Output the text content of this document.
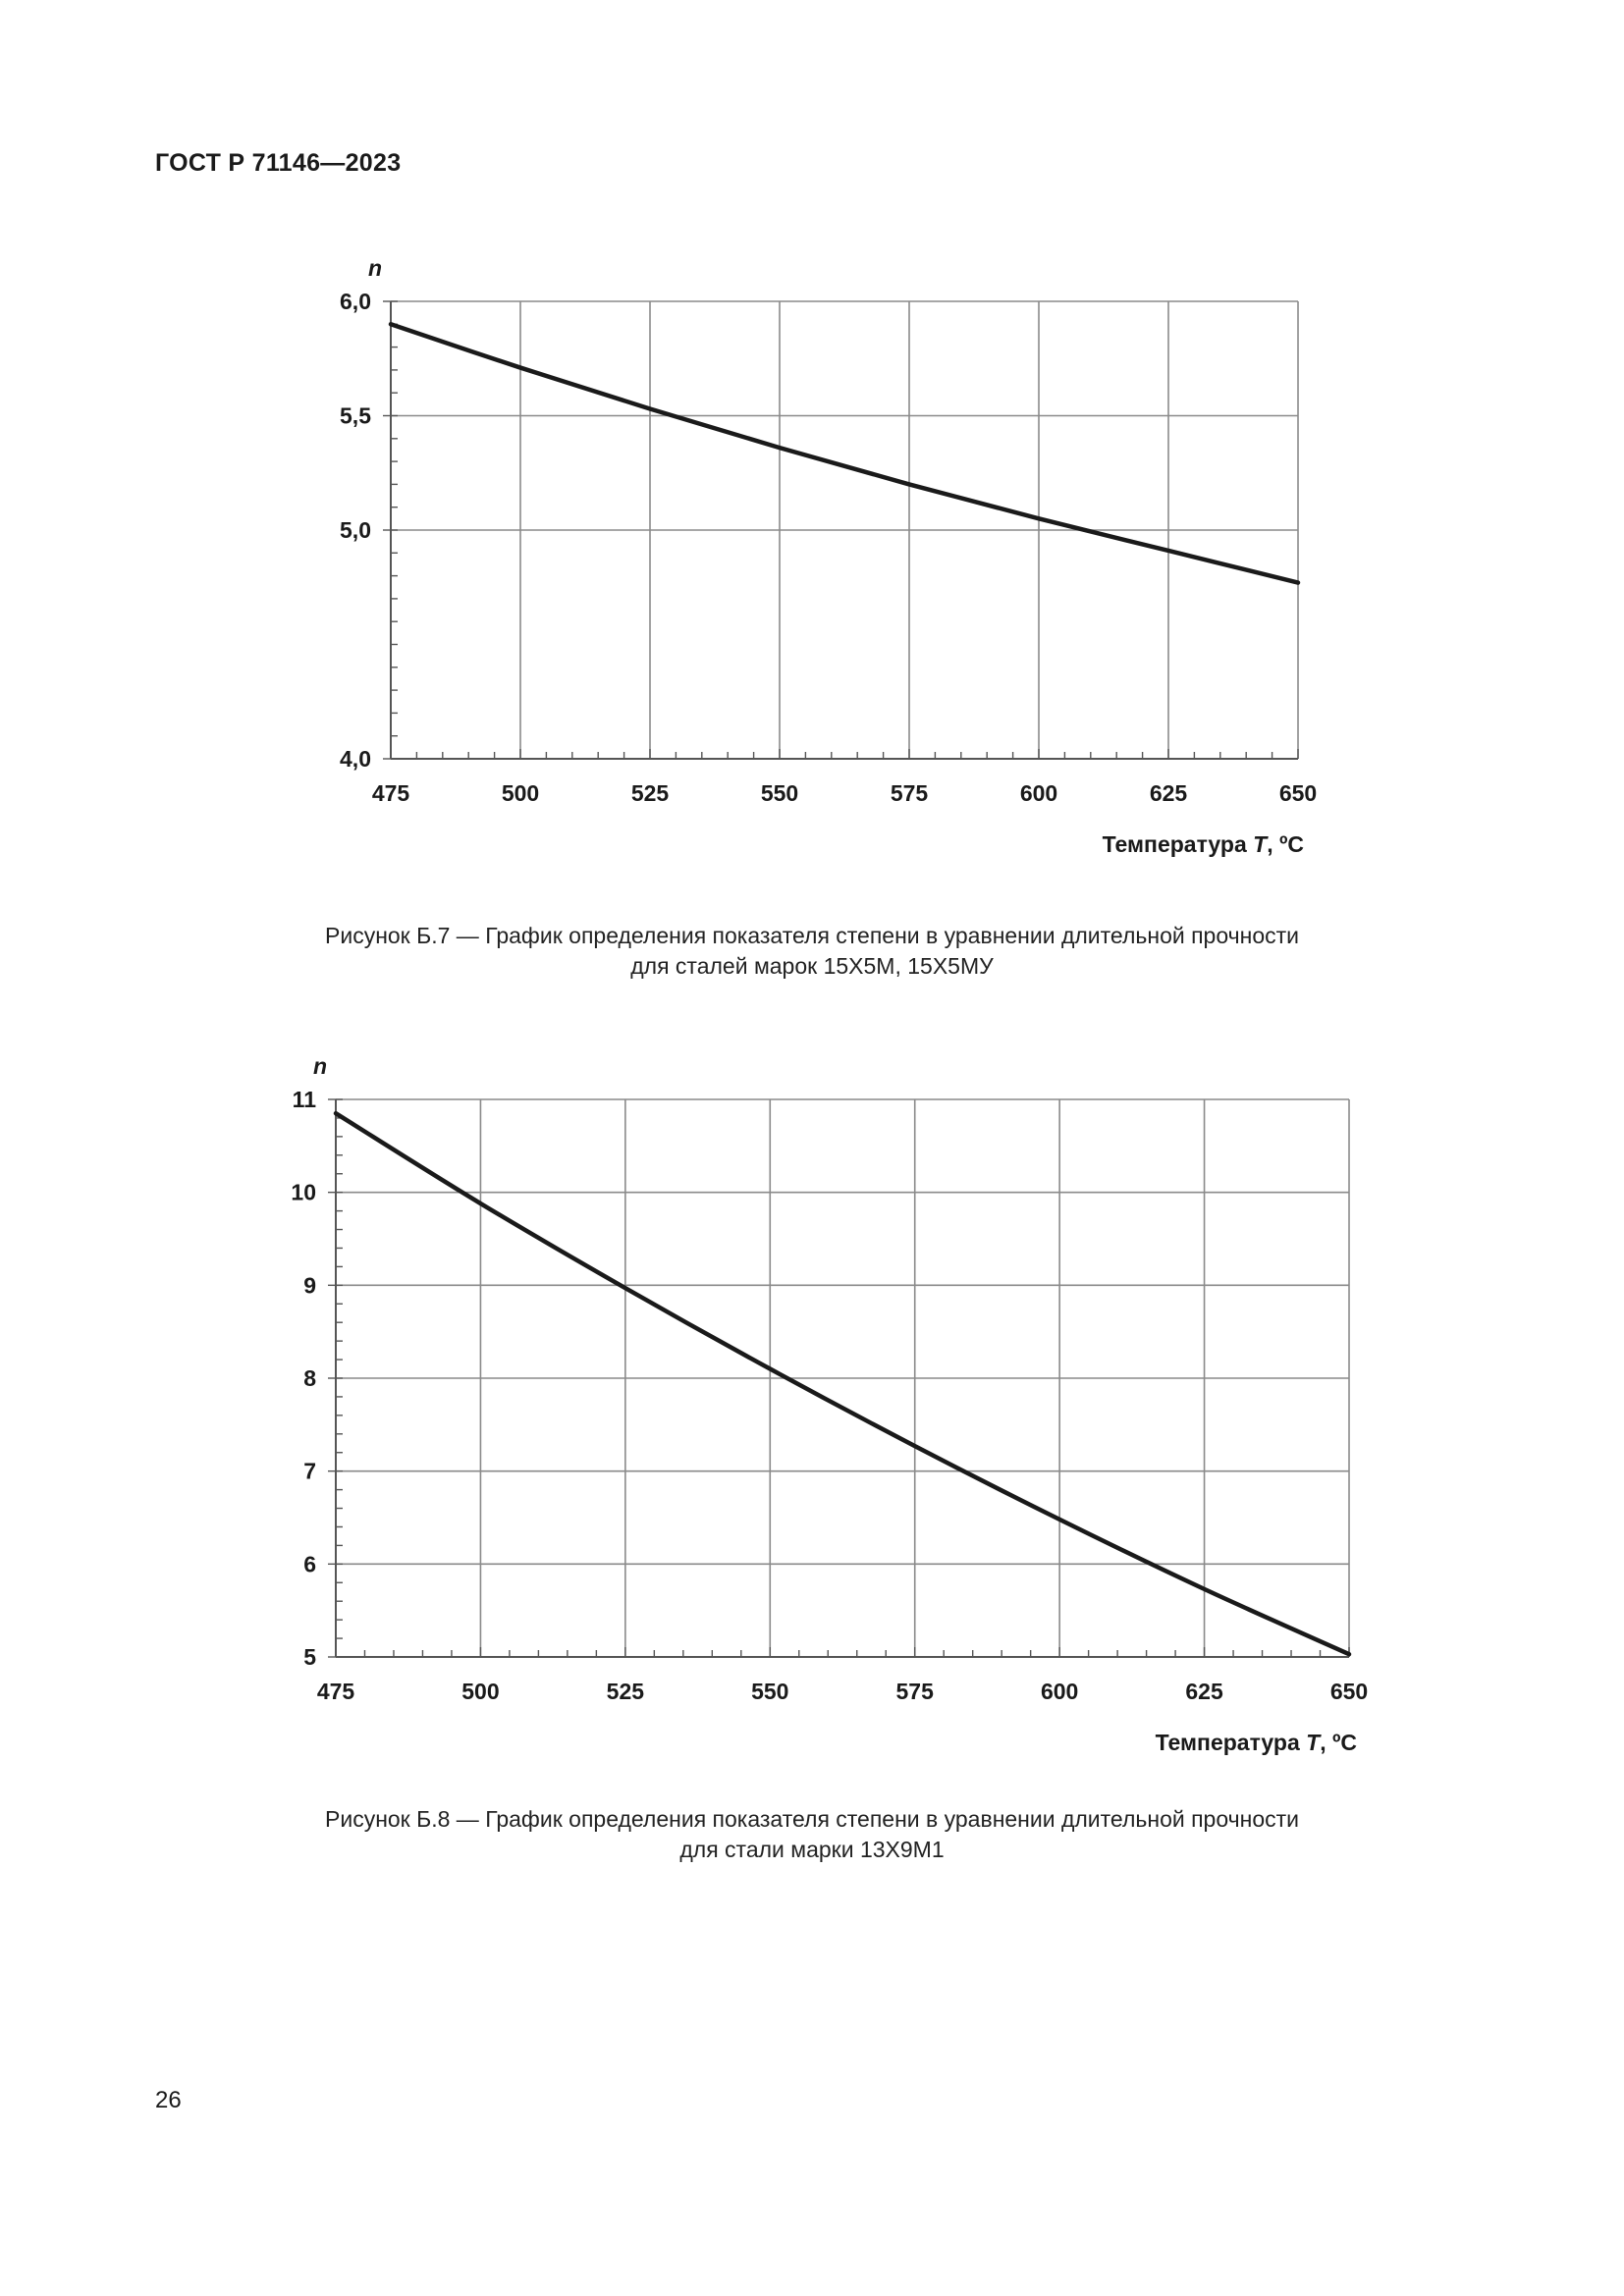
ГОСТ Р 71146—2023
475	500	525	550	575	600	625	650
4,0
5,0
5,5
6,0
n
Температура T, ºС
Рисунок Б.7 — График определения показателя степени в уравнении длительной прочности
для сталей марок 15Х5М, 15Х5МУ
475	500	525	550	575	600	625	650
5
6
7
8
9
10
11
n
Температура T, ºС
Рисунок Б.8 — График определения показателя степени в уравнении длительной прочности
для стали марки 13Х9М1
26
